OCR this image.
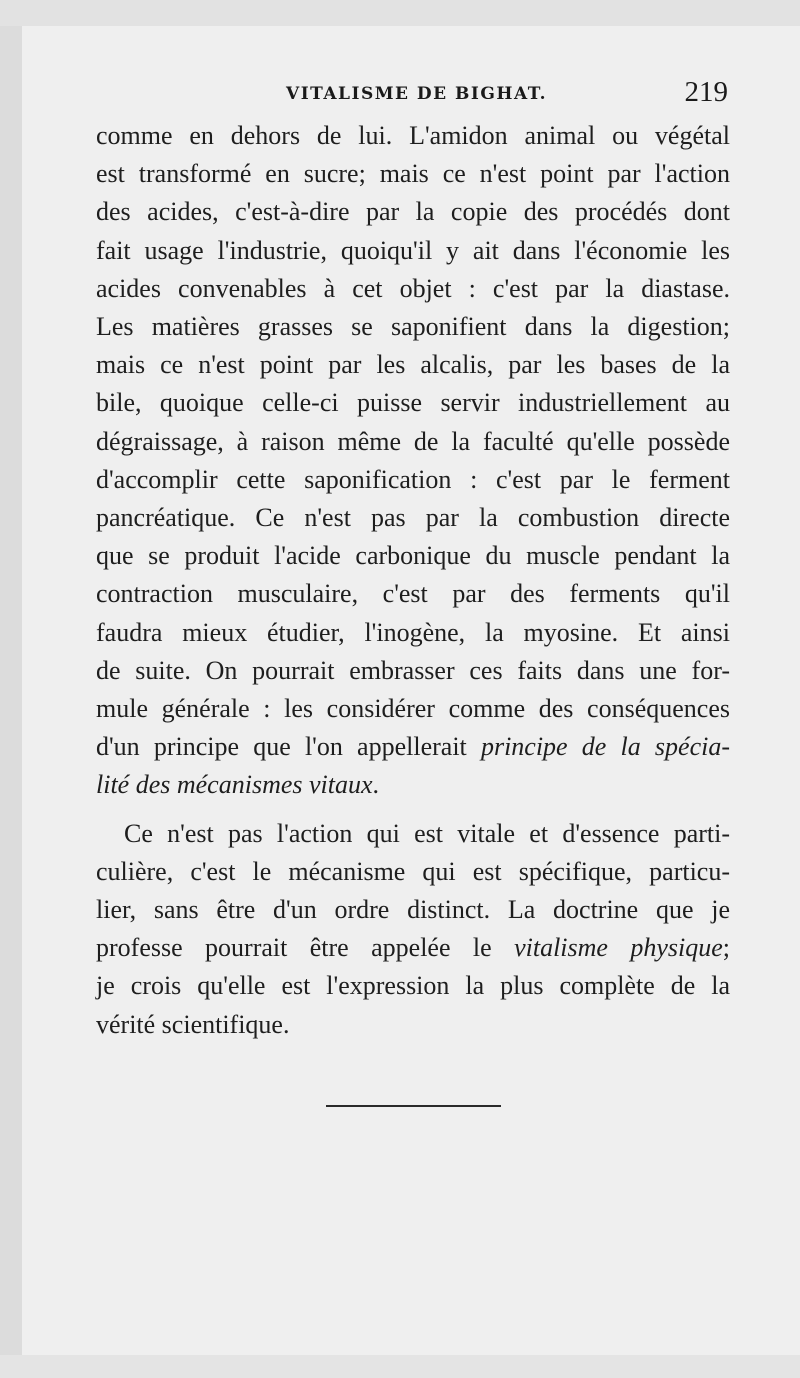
VITALISME DE BIGHAT.	219
comme en dehors de lui. L'amidon animal ou végétal
est transformé en sucre; mais ce n'est point par l'action
des acides, c'est-à-dire par la copie des procédés dont
fait usage l'industrie, quoiqu'il y ait dans l'économie les
acides convenables à cet objet : c'est par la diastase.
Les matières grasses se saponifient dans la digestion;
mais ce n'est point par les alcalis, par les bases de la
bile, quoique celle-ci puisse servir industriellement au
dégraissage, à raison même de la faculté qu'elle possède
d'accomplir cette saponification : c'est par le ferment
pancréatique. Ce n'est pas par la combustion directe
que se produit l'acide carbonique du muscle pendant la
contraction musculaire, c'est par des ferments qu'il
faudra mieux étudier, l'inogène, la myosine. Et ainsi
de suite. On pourrait embrasser ces faits dans une for-
mule générale : les considérer comme des conséquences
d'un principe que l'on appellerait principe de la spécia-
lité des mécanismes vitaux.
Ce n'est pas l'action qui est vitale et d'essence parti-
culière, c'est le mécanisme qui est spécifique, particu-
lier, sans être d'un ordre distinct. La doctrine que je
professe pourrait être appelée le vitalisme physique;
je crois qu'elle est l'expression la plus complète de la
vérité scientifique.
